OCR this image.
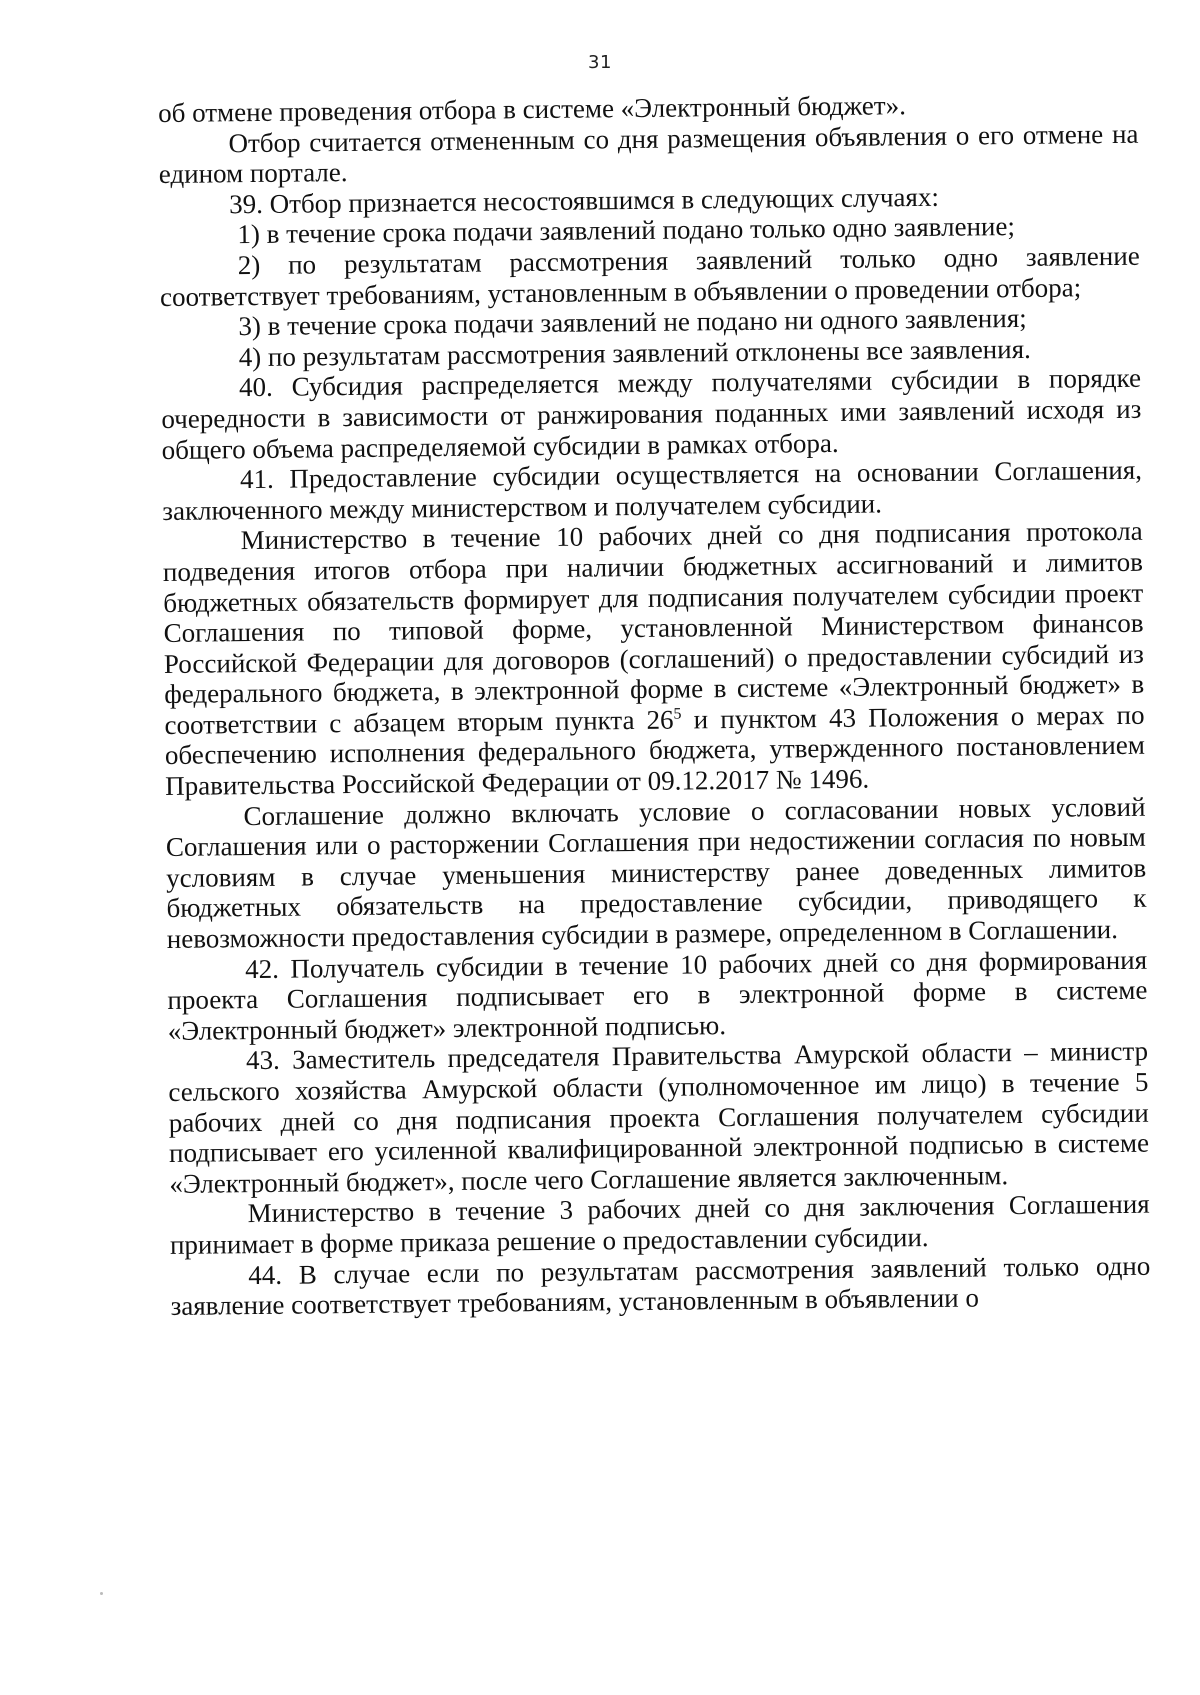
31

об отмене проведения отбора в системе «Электронный бюджет».

Отбор считается отмененным со дня размещения объявления о его отмене на едином портале.

39. Отбор признается несостоявшимся в следующих случаях:

1) в течение срока подачи заявлений подано только одно заявление;

2) по результатам рассмотрения заявлений только одно заявление соответствует требованиям, установленным в объявлении о проведении отбора;

3) в течение срока подачи заявлений не подано ни одного заявления;

4) по результатам рассмотрения заявлений отклонены все заявления.

40. Субсидия распределяется между получателями субсидии в порядке очередности в зависимости от ранжирования поданных ими заявлений исходя из общего объема распределяемой субсидии в рамках отбора.

41. Предоставление субсидии осуществляется на основании Соглашения, заключенного между министерством и получателем субсидии.

Министерство в течение 10 рабочих дней со дня подписания протокола подведения итогов отбора при наличии бюджетных ассигнований и лимитов бюджетных обязательств формирует для подписания получателем субсидии проект Соглашения по типовой форме, установленной Министерством финансов Российской Федерации для договоров (соглашений) о предоставлении субсидий из федерального бюджета, в электронной форме в системе «Электронный бюджет» в соответствии с абзацем вторым пункта $26^5$ и пунктом 43 Положения о мерах по обеспечению исполнения федерального бюджета, утвержденного постановлением Правительства Российской Федерации от 09.12.2017 № 1496.

Соглашение должно включать условие о согласовании новых условий Соглашения или о расторжении Соглашения при недостижении согласия по новым условиям в случае уменьшения министерству ранее доведенных лимитов бюджетных обязательств на предоставление субсидии, приводящего к невозможности предоставления субсидии в размере, определенном в Соглашении.

42. Получатель субсидии в течение 10 рабочих дней со дня формирования проекта Соглашения подписывает его в электронной форме в системе «Электронный бюджет» электронной подписью.

43. Заместитель председателя Правительства Амурской области – министр сельского хозяйства Амурской области (уполномоченное им лицо) в течение 5 рабочих дней со дня подписания проекта Соглашения получателем субсидии подписывает его усиленной квалифицированной электронной подписью в системе «Электронный бюджет», после чего Соглашение является заключенным.

Министерство в течение 3 рабочих дней со дня заключения Соглашения принимает в форме приказа решение о предоставлении субсидии.

44. В случае если по результатам рассмотрения заявлений только одно заявление соответствует требованиям, установленным в объявлении о
